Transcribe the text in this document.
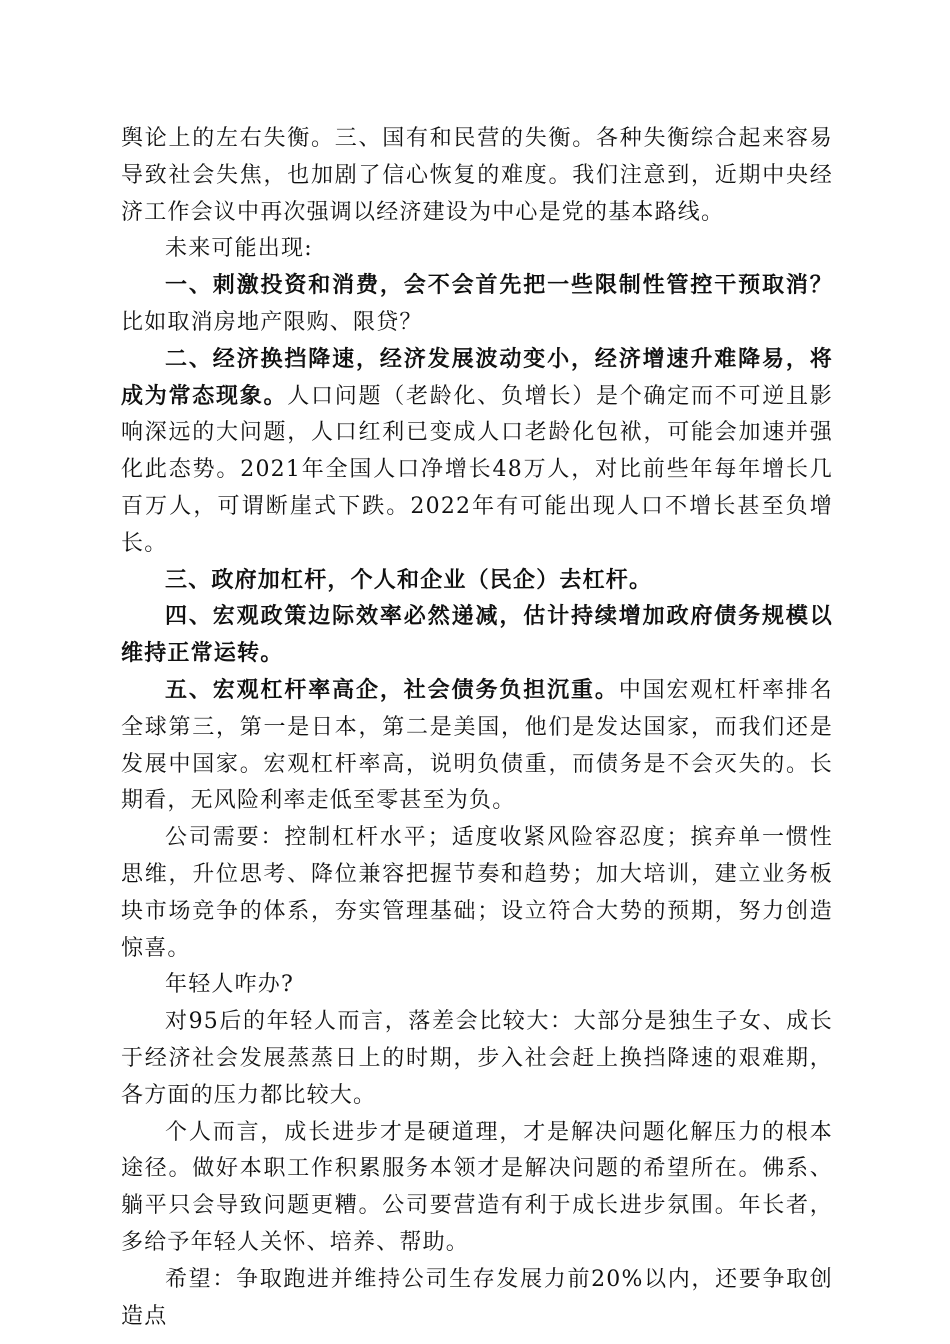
舆论上的左右失衡。三、国有和民营的失衡。各种失衡综合起来容易导致社会失焦，也加剧了信心恢复的难度。我们注意到，近期中央经济工作会议中再次强调以经济建设为中心是党的基本路线。

未来可能出现:

一、刺激投资和消费，会不会首先把一些限制性管控干预取消？比如取消房地产限购、限贷？

二、经济换挡降速，经济发展波动变小，经济增速升难降易，将成为常态现象。人口问题（老龄化、负增长）是个确定而不可逆且影响深远的大问题，人口红利已变成人口老龄化包袱，可能会加速并强化此态势。2021年全国人口净增长48万人，对比前些年每年增长几百万人，可谓断崖式下跌。2022年有可能出现人口不增长甚至负增长。

三、政府加杠杆，个人和企业（民企）去杠杆。

四、宏观政策边际效率必然递减，估计持续增加政府债务规模以维持正常运转。

五、宏观杠杆率高企，社会债务负担沉重。中国宏观杠杆率排名全球第三，第一是日本，第二是美国，他们是发达国家，而我们还是发展中国家。宏观杠杆率高，说明负债重，而债务是不会灭失的。长期看，无风险利率走低至零甚至为负。

公司需要：控制杠杆水平；适度收紧风险容忍度；摈弃单一惯性思维，升位思考、降位兼容把握节奏和趋势；加大培训，建立业务板块市场竞争的体系，夯实管理基础；设立符合大势的预期，努力创造惊喜。

年轻人咋办?

对95后的年轻人而言，落差会比较大：大部分是独生子女、成长于经济社会发展蒸蒸日上的时期，步入社会赶上换挡降速的艰难期，各方面的压力都比较大。

个人而言，成长进步才是硬道理，才是解决问题化解压力的根本途径。做好本职工作积累服务本领才是解决问题的希望所在。佛系、躺平只会导致问题更糟。公司要营造有利于成长进步氛围。年长者，多给予年轻人关怀、培养、帮助。

希望：争取跑进并维持公司生存发展力前20%以内，还要争取创造点
